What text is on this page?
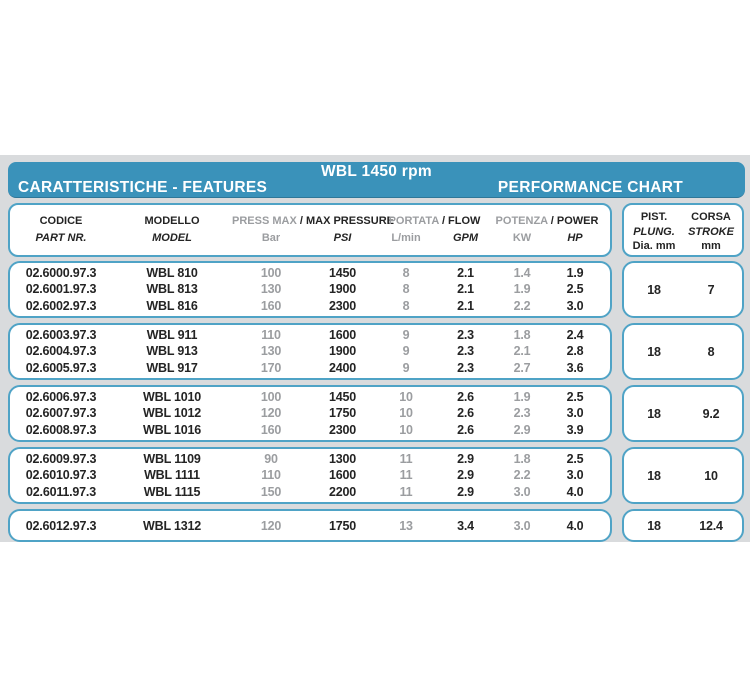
WBL 1450 rpm
CARATTERISTICHE - FEATURES	PERFORMANCE CHART
CODICE	MODELLO	PRESS MAX / MAX PRESSURE
PORTATA / FLOW	POTENZA / POWER
PART NR.	MODEL	Bar	PSI	L/min	GPM	KW	HP
PIST.	CORSA
PLUNG.	STROKE
Dia. mm	mm
02.6000.97.3	WBL 810	100	1450	8	2.1	1.4	1.9
02.6001.97.3	WBL 813	130	1900	8	2.1	1.9	2.5
02.6002.97.3	WBL 816	160	2300	8	2.1	2.2	3.0
18	7
02.6003.97.3	WBL 911	110	1600	9	2.3	1.8	2.4
02.6004.97.3	WBL 913	130	1900	9	2.3	2.1	2.8
02.6005.97.3	WBL 917	170	2400	9	2.3	2.7	3.6
18	8
02.6006.97.3	WBL 1010	100	1450	10	2.6	1.9	2.5
02.6007.97.3	WBL 1012	120	1750	10	2.6	2.3	3.0
02.6008.97.3	WBL 1016	160	2300	10	2.6	2.9	3.9
18	9.2
02.6009.97.3	WBL 1109	90	1300	11	2.9	1.8	2.5
02.6010.97.3	WBL 1111	110	1600	11	2.9	2.2	3.0
02.6011.97.3	WBL 1115	150	2200	11	2.9	3.0	4.0
18	10
02.6012.97.3	WBL 1312	120	1750	13	3.4	3.0	4.0	18	12.4
